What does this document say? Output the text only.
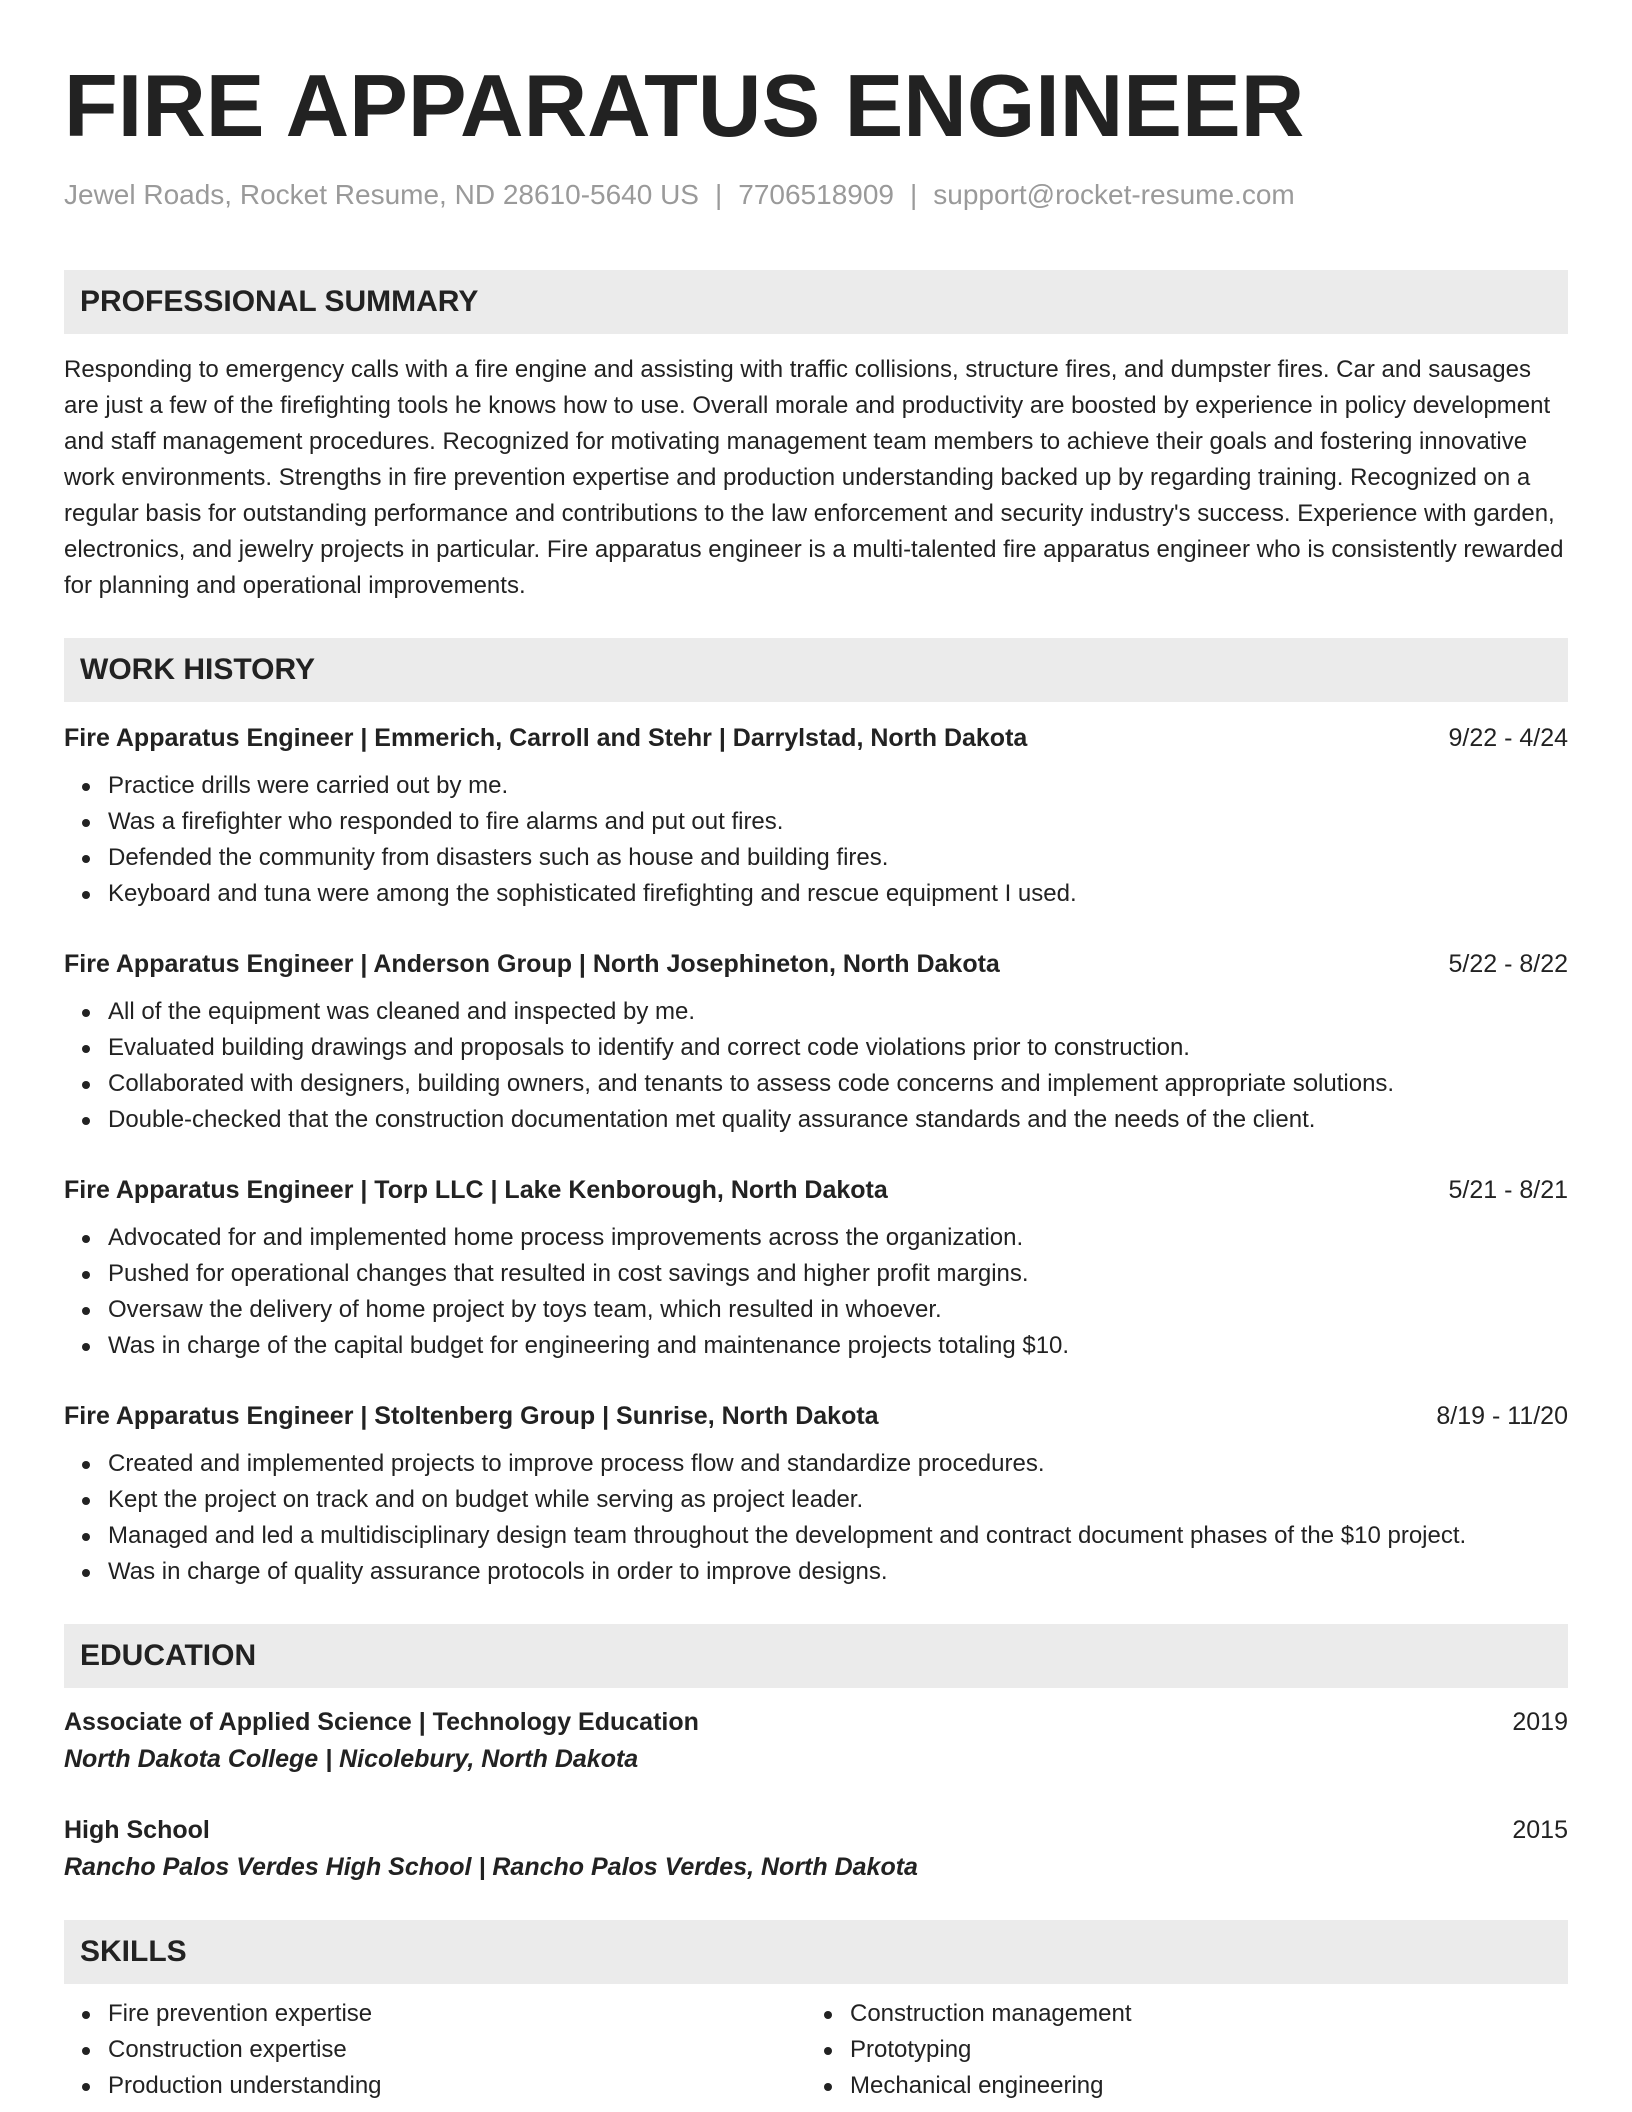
FIRE APPARATUS ENGINEER
Jewel Roads, Rocket Resume, ND 28610-5640 US | 7706518909 | support@rocket-resume.com
PROFESSIONAL SUMMARY
Responding to emergency calls with a fire engine and assisting with traffic collisions, structure fires, and dumpster fires. Car and sausages are just a few of the firefighting tools he knows how to use. Overall morale and productivity are boosted by experience in policy development and staff management procedures. Recognized for motivating management team members to achieve their goals and fostering innovative work environments. Strengths in fire prevention expertise and production understanding backed up by regarding training. Recognized on a regular basis for outstanding performance and contributions to the law enforcement and security industry's success. Experience with garden, electronics, and jewelry projects in particular. Fire apparatus engineer is a multi-talented fire apparatus engineer who is consistently rewarded for planning and operational improvements.
WORK HISTORY
Fire Apparatus Engineer | Emmerich, Carroll and Stehr | Darrylstad, North Dakota	9/22 - 4/24
Practice drills were carried out by me.
Was a firefighter who responded to fire alarms and put out fires.
Defended the community from disasters such as house and building fires.
Keyboard and tuna were among the sophisticated firefighting and rescue equipment I used.
Fire Apparatus Engineer | Anderson Group | North Josephineton, North Dakota	5/22 - 8/22
All of the equipment was cleaned and inspected by me.
Evaluated building drawings and proposals to identify and correct code violations prior to construction.
Collaborated with designers, building owners, and tenants to assess code concerns and implement appropriate solutions.
Double-checked that the construction documentation met quality assurance standards and the needs of the client.
Fire Apparatus Engineer | Torp LLC | Lake Kenborough, North Dakota	5/21 - 8/21
Advocated for and implemented home process improvements across the organization.
Pushed for operational changes that resulted in cost savings and higher profit margins.
Oversaw the delivery of home project by toys team, which resulted in whoever.
Was in charge of the capital budget for engineering and maintenance projects totaling $10.
Fire Apparatus Engineer | Stoltenberg Group | Sunrise, North Dakota	8/19 - 11/20
Created and implemented projects to improve process flow and standardize procedures.
Kept the project on track and on budget while serving as project leader.
Managed and led a multidisciplinary design team throughout the development and contract document phases of the $10 project.
Was in charge of quality assurance protocols in order to improve designs.
EDUCATION
Associate of Applied Science | Technology Education	2019
North Dakota College | Nicolebury, North Dakota
High School	2015
Rancho Palos Verdes High School | Rancho Palos Verdes, North Dakota
SKILLS
Fire prevention expertise
Construction expertise
Production understanding
Construction management
Prototyping
Mechanical engineering
